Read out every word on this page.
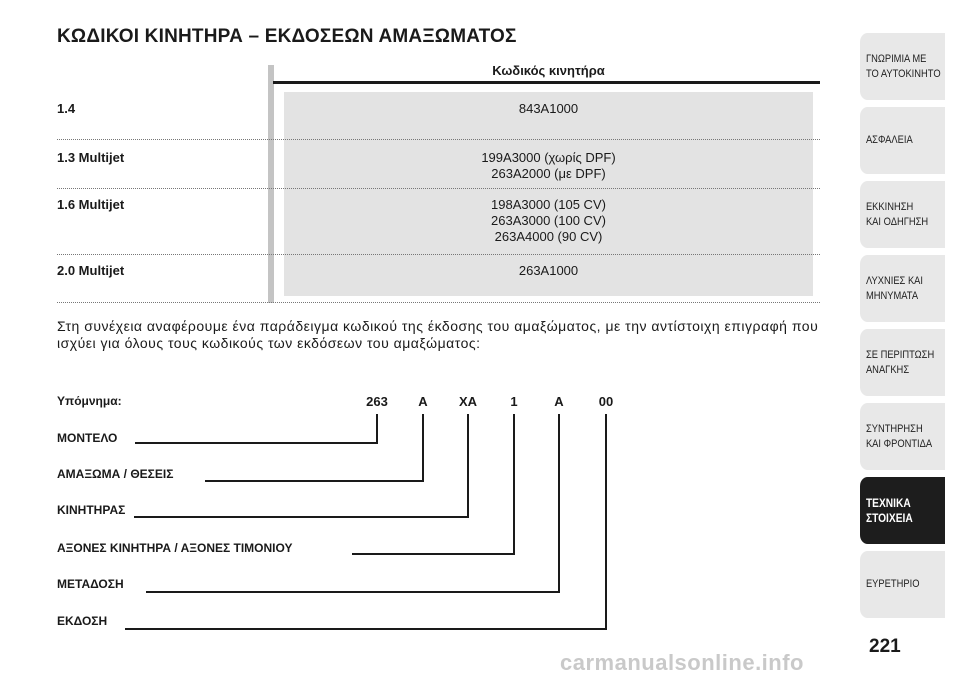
ΚΩΔΙΚΟΙ ΚΙΝΗΤΗΡΑ – ΕΚΔΟΣΕΩΝ ΑΜΑΞΩΜΑΤΟΣ
Κωδικός κινητήρα
1.4	843A1000
1.3 Multijet	199A3000 (χωρίς DPF)
263A2000 (με DPF)
1.6 Multijet	198A3000 (105 CV)
263A3000 (100 CV)
263A4000 (90 CV)
2.0 Multijet	263A1000
Στη συνέχεια αναφέρουμε ένα παράδειγμα κωδικού της έκδοσης του αμαξώματος, με την αντίστοιχη επιγραφή που ισχύει για όλους τους κωδικούς των εκδόσεων του αμαξώματος:
Υπόμνημα:	263 A XA	1	A	00
ΜΟΝΤΕΛΟ
ΑΜΑΞΩΜΑ / ΘΕΣΕΙΣ
ΚΙΝΗΤΗΡΑΣ
ΑΞΟΝΕΣ ΚΙΝΗΤΗΡΑ / ΑΞΟΝΕΣ ΤΙΜΟΝΙΟΥ
ΜΕΤΑΔΟΣΗ
ΕΚΔΟΣΗ
ΓΝΩΡΙΜΙΑ ΜΕ
ΤΟ ΑΥΤΟΚΙΝΗΤΟ
ΑΣΦΑΛΕΙΑ
ΕΚΚΙΝΗΣΗ
ΚΑΙ ΟΔΗΓΗΣΗ
ΛΥΧΝΙΕΣ ΚΑΙ
ΜΗΝΥΜΑΤΑ
ΣΕ ΠΕΡΙΠΤΩΣΗ
ΑΝΑΓΚΗΣ
ΣΥΝΤΗΡΗΣΗ
ΚΑΙ ΦΡΟΝΤΙΔΑ
ΤΕΧΝΙΚΑ
ΣΤΟΙΧΕΙΑ
ΕΥΡΕΤΗΡΙΟ
221
carmanualsonline.info
